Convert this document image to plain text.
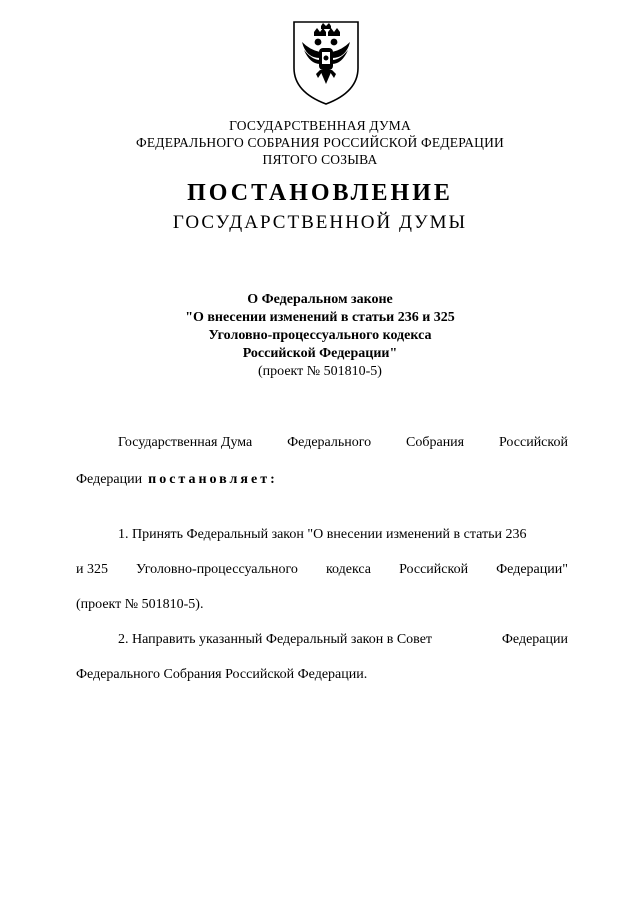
ГОСУДАРСТВЕННАЯ ДУМА
ФЕДЕРАЛЬНОГО СОБРАНИЯ РОССИЙСКОЙ ФЕДЕРАЦИИ
ПЯТОГО СОЗЫВА
ПОСТАНОВЛЕНИЕ
ГОСУДАРСТВЕННОЙ ДУМЫ
О Федеральном законе
"О внесении изменений в статьи 236 и 325
Уголовно-процессуального кодекса
Российской Федерации"
(проект № 501810-5)
Государственная Дума Федерального Собрания Российской
Федерации постановляет:
1. Принять Федеральный закон "О внесении изменений в статьи 236
и 325 Уголовно-процессуального кодекса Российской Федерации"
(проект № 501810-5).
2. Направить указанный Федеральный закон в Совет	Федерации
Федерального Собрания Российской Федерации.
